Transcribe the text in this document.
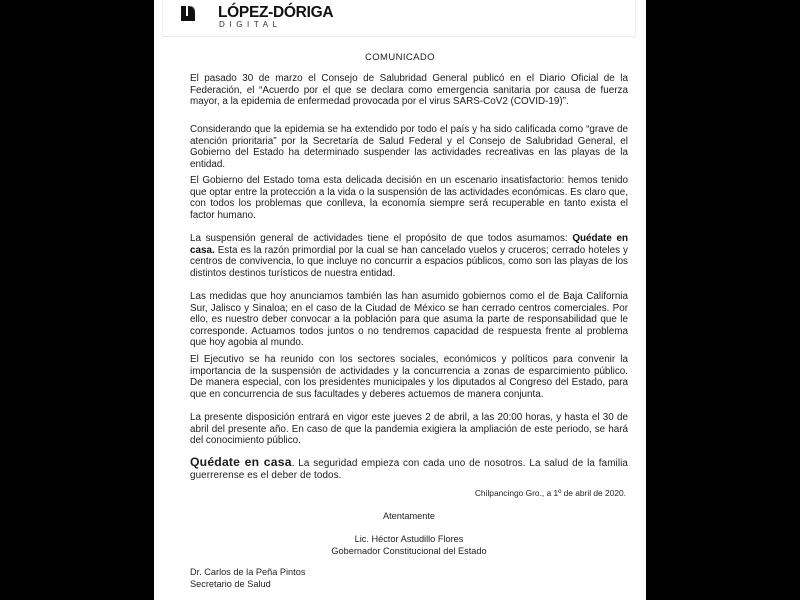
LÓPEZ-DÓRIGA
DIGITAL
COMUNICADO

El pasado 30 de marzo el Consejo de Salubridad General publicó en el Diario Oficial de la Federación, el “Acuerdo por el que se declara como emergencia sanitaria por causa de fuerza mayor, a la epidemia de enfermedad provocada por el virus SARS-CoV2 (COVID-19)”.

Considerando que la epidemia se ha extendido por todo el país y ha sido calificada como “grave de atención prioritaria” por la Secretaría de Salud Federal y el Consejo de Salubridad General, el Gobierno del Estado ha determinado suspender las actividades recreativas en las playas de la entidad.

El Gobierno del Estado toma esta delicada decisión en un escenario insatisfactorio: hemos tenido que optar entre la protección a la vida o la suspensión de las actividades económicas. Es claro que, con todos los problemas que conlleva, la economía siempre será recuperable en tanto exista el factor humano.

La suspensión general de actividades tiene el propósito de que todos asumamos: Quédate en casa. Esta es la razón primordial por la cual se han cancelado vuelos y cruceros; cerrado hoteles y centros de convivencia, lo que incluye no concurrir a espacios públicos, como son las playas de los distintos destinos turísticos de nuestra entidad.

Las medidas que hoy anunciamos también las han asumido gobiernos como el de Baja California Sur, Jalisco y Sinaloa; en el caso de la Ciudad de México se han cerrado centros comerciales. Por ello, es nuestro deber convocar a la población para que asuma la parte de responsabilidad que le corresponde. Actuamos todos juntos o no tendremos capacidad de respuesta frente al problema que hoy agobia al mundo.

El Ejecutivo se ha reunido con los sectores sociales, económicos y políticos para convenir la importancia de la suspensión de actividades y la concurrencia a zonas de esparcimiento público. De manera especial, con los presidentes municipales y los diputados al Congreso del Estado, para que en concurrencia de sus facultades y deberes actuemos de manera conjunta.

La presente disposición entrará en vigor este jueves 2 de abril, a las 20:00 horas, y hasta el 30 de abril del presente año. En caso de que la pandemia exigiera la ampliación de este periodo, se hará del conocimiento público.

Quédate en casa. La seguridad empieza con cada uno de nosotros. La salud de la familia guerrerense es el deber de todos.

Chilpancingo Gro., a 1º de abril de 2020.
Atentamente
Lic. Héctor Astudillo Flores
Gobernador Constitucional del Estado
Dr. Carlos de la Peña Pintos
Secretario de Salud
